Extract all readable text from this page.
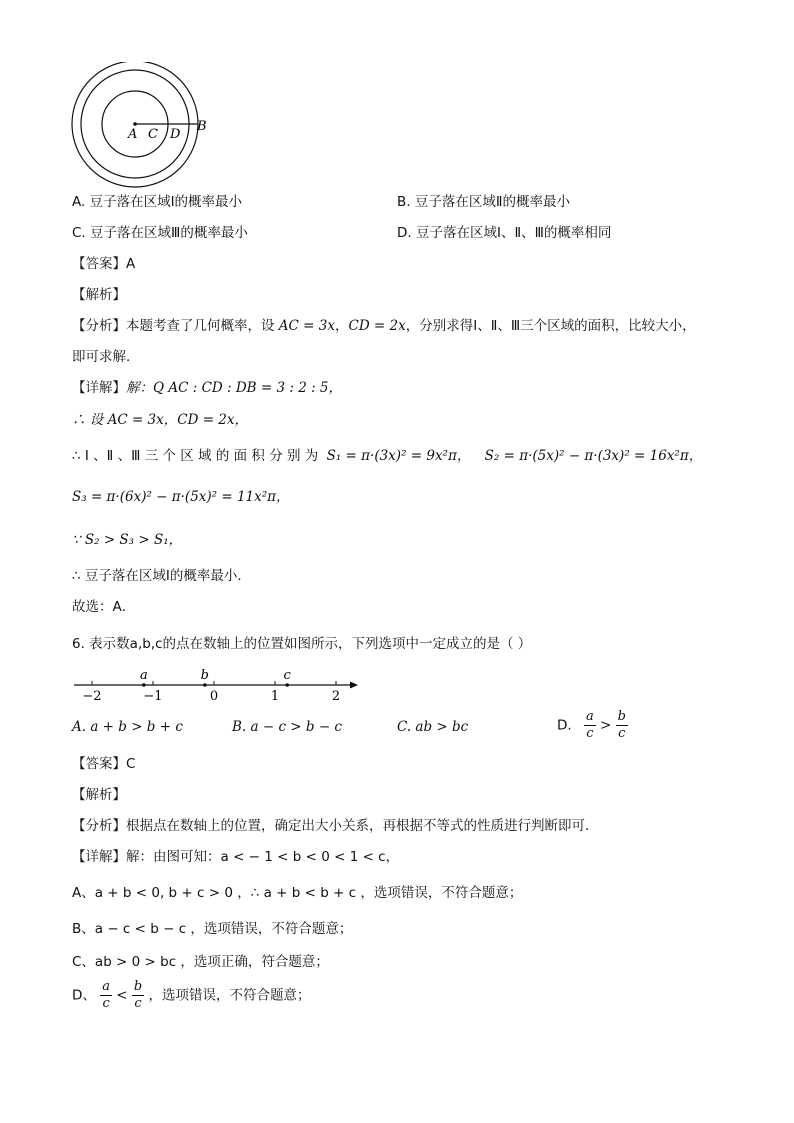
A C D
B
A. 豆子落在区域Ⅰ的概率最小	B. 豆子落在区域Ⅱ的概率最小
C. 豆子落在区域Ⅲ的概率最小	D. 豆子落在区域Ⅰ、Ⅱ、Ⅲ的概率相同
【答案】A
【解析】
【分析】本题考查了几何概率，设 AC = 3x，CD = 2x，分别求得Ⅰ、Ⅱ、Ⅲ三个区域的面积，比较大小，
即可求解．
【详解】解：Q AC : CD : DB = 3 : 2 : 5，
∴ 设 AC = 3x，CD = 2x，
∴ Ⅰ 、Ⅱ 、Ⅲ 三 个 区 域 的 面 积 分 别 为 S₁ = π·(3x)² = 9x²π， S₂ = π·(5x)² − π·(3x)² = 16x²π，
S₃ = π·(6x)² − π·(5x)² = 11x²π，
∵ S₂ > S₃ > S₁，
∴ 豆子落在区域Ⅰ的概率最小．
故选：A．
6. 表示数a,b,c的点在数轴上的位置如图所示，下列选项中一定成立的是（ ）
−2	−1	0	1	2
a	b	c
A. a + b > b + c	B. a − c > b − c	C. ab > bc	D. $\frac{a}{c} > \frac{b}{c}$
【答案】C
【解析】
【分析】根据点在数轴上的位置，确定出大小关系，再根据不等式的性质进行判断即可．
【详解】解：由图可知：a < − 1 < b < 0 < 1 < c，
A、a + b < 0, b + c > 0 ，∴ a + b < b + c ，选项错误，不符合题意；
B、a − c < b − c ，选项错误，不符合题意；
C、ab > 0 > bc ，选项正确，符合题意；
D、 $\frac{a}{c} < \frac{b}{c}$ ，选项错误，不符合题意；
